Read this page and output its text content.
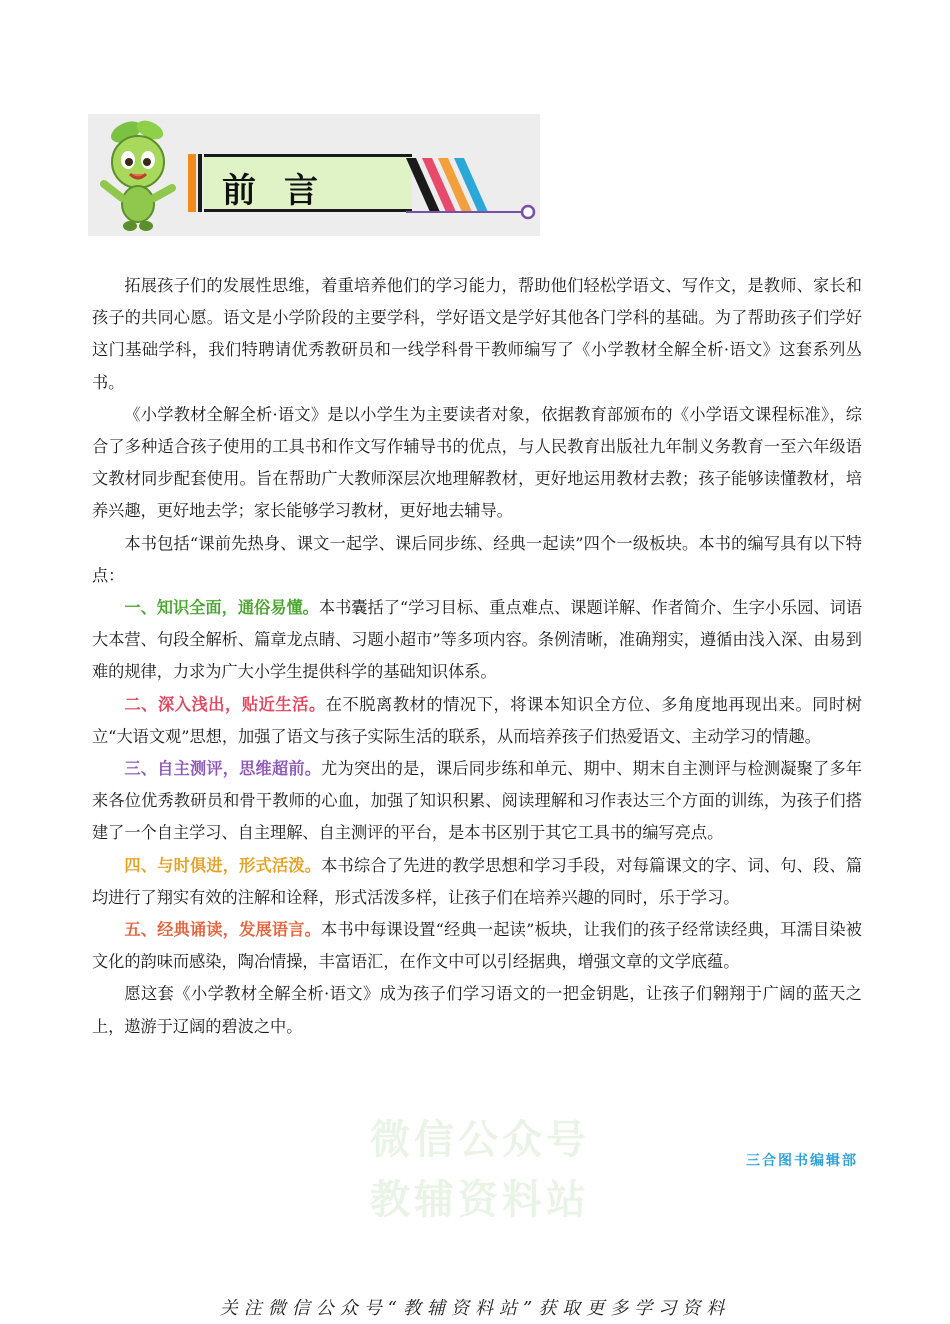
前言

拓展孩子们的发展性思维，着重培养他们的学习能力，帮助他们轻松学语文、写作文，是教师、家长和孩子的共同心愿。语文是小学阶段的主要学科，学好语文是学好其他各门学科的基础。为了帮助孩子们学好这门基础学科，我们特聘请优秀教研员和一线学科骨干教师编写了《小学教材全解全析·语文》这套系列丛书。

《小学教材全解全析·语文》是以小学生为主要读者对象，依据教育部颁布的《小学语文课程标准》，综合了多种适合孩子使用的工具书和作文写作辅导书的优点，与人民教育出版社九年制义务教育一至六年级语文教材同步配套使用。旨在帮助广大教师深层次地理解教材，更好地运用教材去教；孩子能够读懂教材，培养兴趣，更好地去学；家长能够学习教材，更好地去辅导。

本书包括“课前先热身、课文一起学、课后同步练、经典一起读”四个一级板块。本书的编写具有以下特点：

一、知识全面，通俗易懂。本书囊括了“学习目标、重点难点、课题详解、作者简介、生字小乐园、词语大本营、句段全解析、篇章龙点睛、习题小超市”等多项内容。条例清晰，准确翔实，遵循由浅入深、由易到难的规律，力求为广大小学生提供科学的基础知识体系。

二、深入浅出，贴近生活。在不脱离教材的情况下，将课本知识全方位、多角度地再现出来。同时树立“大语文观”思想，加强了语文与孩子实际生活的联系，从而培养孩子们热爱语文、主动学习的情趣。

三、自主测评，思维超前。尤为突出的是，课后同步练和单元、期中、期末自主测评与检测凝聚了多年来各位优秀教研员和骨干教师的心血，加强了知识积累、阅读理解和习作表达三个方面的训练，为孩子们搭建了一个自主学习、自主理解、自主测评的平台，是本书区别于其它工具书的编写亮点。

四、与时俱进，形式活泼。本书综合了先进的教学思想和学习手段，对每篇课文的字、词、句、段、篇均进行了翔实有效的注解和诠释，形式活泼多样，让孩子们在培养兴趣的同时，乐于学习。

五、经典诵读，发展语言。本书中每课设置“经典一起读”板块，让我们的孩子经常读经典，耳濡目染被文化的韵味而感染，陶冶情操，丰富语汇，在作文中可以引经据典，增强文章的文学底蕴。

愿这套《小学教材全解全析·语文》成为孩子们学习语文的一把金钥匙，让孩子们翱翔于广阔的蓝天之上，遨游于辽阔的碧波之中。

微信公众号
教辅资料站
三合图书编辑部
关注微信公众号“教辅资料站”获取更多学习资料
